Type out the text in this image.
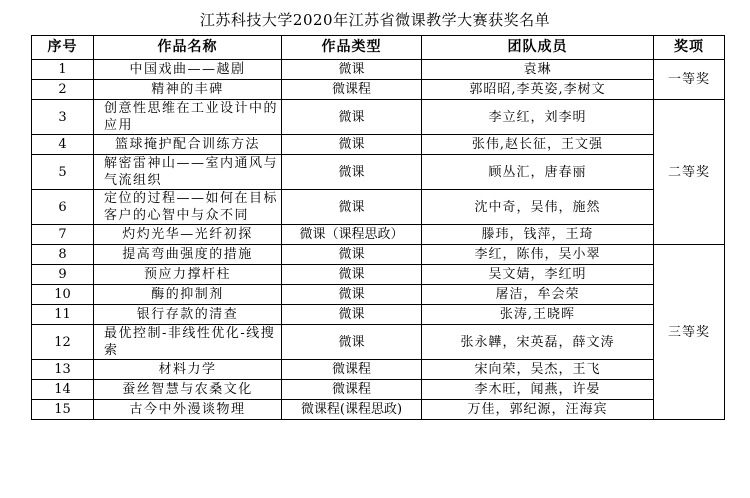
江苏科技大学2020年江苏省微课教学大赛获奖名单
序号	作品名称	作品类型	团队成员	奖项
1	中国戏曲——越剧	微课	袁琳	一等奖
2	精神的丰碑	微课程	郭昭昭,李英姿,李树文	
3	创意性思维在工业设计中的应用	微课	李立红，刘李明	二等奖
4	篮球掩护配合训练方法	微课	张伟,赵长征，王文强	
5	解密雷神山——室内通风与气流组织	微课	顾丛汇，唐春丽	
6	定位的过程——如何在目标客户的心智中与众不同	微课	沈中奇，吴伟，施然	
7	灼灼光华—光纤初探	微课（课程思政）	滕玮，钱萍，王琦	
8	提高弯曲强度的措施	微课	李红，陈伟，吴小翠	三等奖
9	预应力撑杆柱	微课	吴文婧，李红明	
10	酶的抑制剂	微课	屠洁，牟会荣	
11	银行存款的清查	微课	张涛,王晓晖	
12	最优控制-非线性优化-线搜索	微课	张永韡，宋英磊，薛文涛	
13	材料力学	微课程	宋向荣，吴杰，王飞	
14	蚕丝智慧与农桑文化	微课程	李木旺，闻燕，许晏	
15	古今中外漫谈物理	微课程(课程思政)	万佳，郭纪源，汪海宾	
